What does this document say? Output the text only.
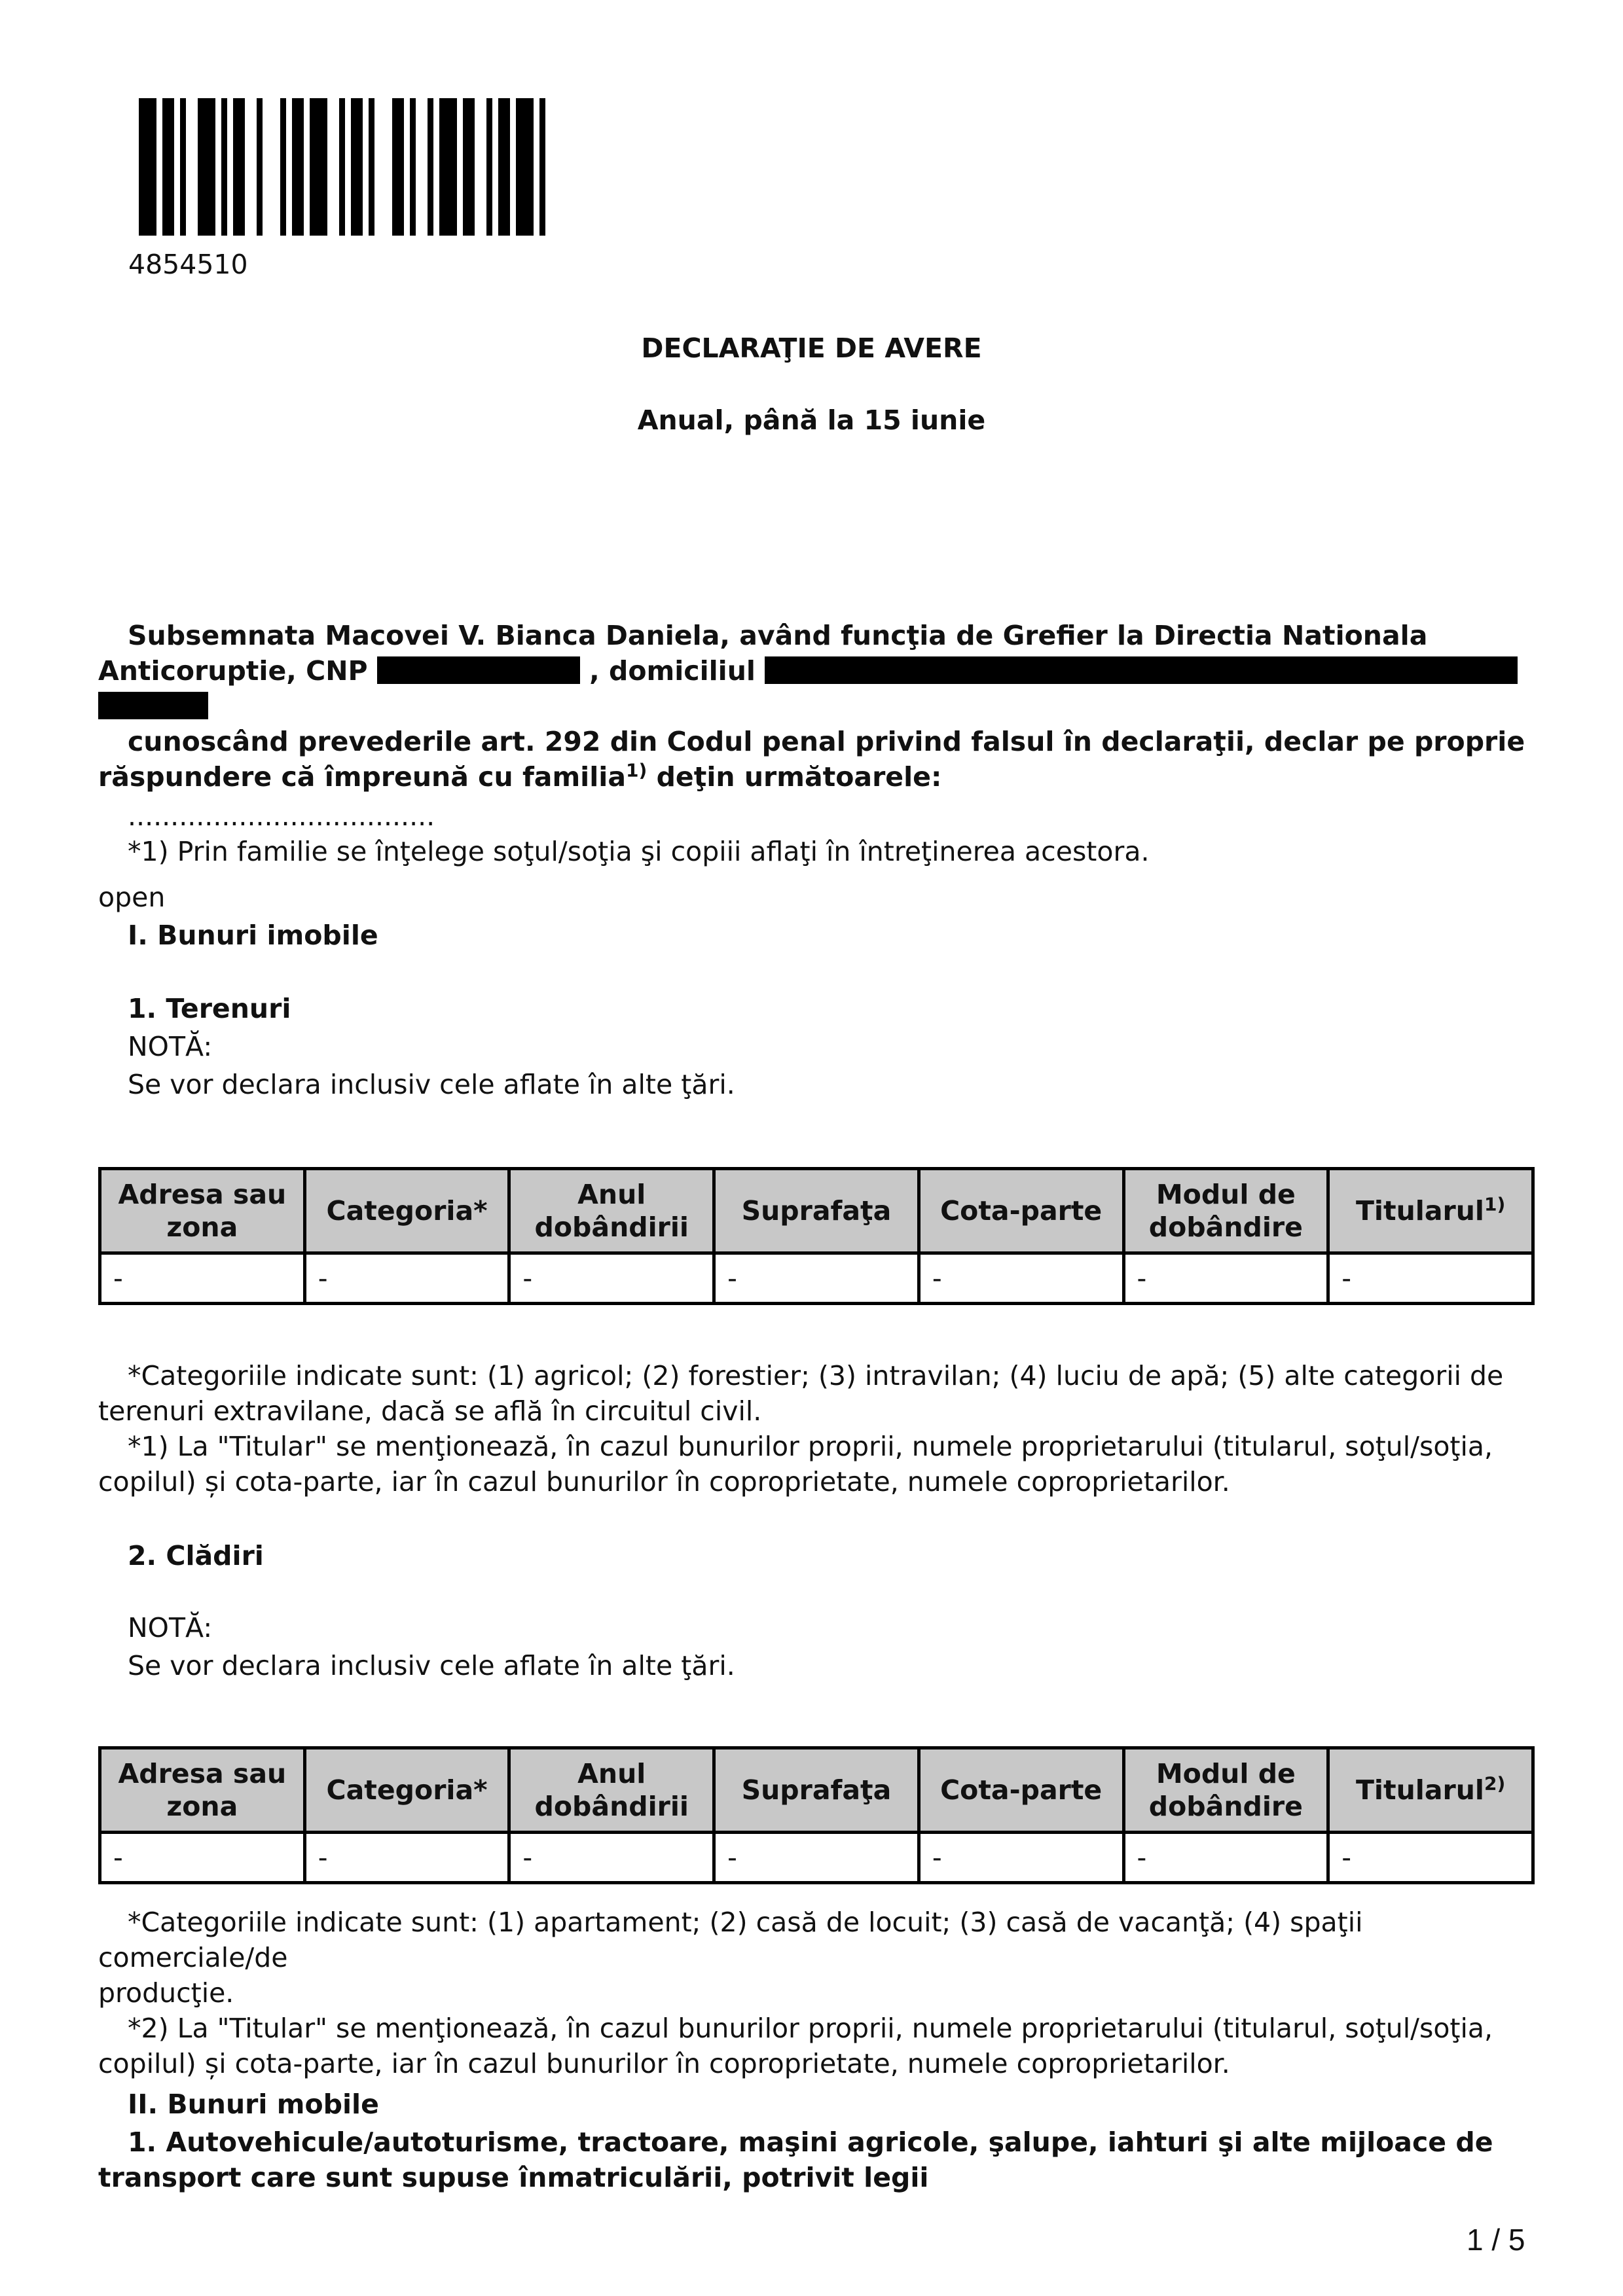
4854510
DECLARAŢIE DE AVERE
Anual, până la 15 iunie
Subsemnata Macovei V. Bianca Daniela, având funcţia de Grefier la Directia Nationala
Anticoruptie, CNP	, domiciliul
cunoscând prevederile art. 292 din Codul penal privind falsul în declaraţii, declar pe proprie
răspundere că împreună cu familia$^{1)}$ deţin următoarele:
....................................
*1) Prin familie se înţelege soţul/soţia şi copiii aflaţi în întreţinerea acestora.
open
I. Bunuri imobile
1. Terenuri
NOTĂ:
Se vor declara inclusiv cele aflate în alte ţări.
Adresa sau zona	Categoria*	Anul dobândirii	Suprafaţa	Cota-parte	Modul de dobândire	Titularul$^{1)}$
-	-	-	-	-	-	-
*Categoriile indicate sunt: (1) agricol; (2) forestier; (3) intravilan; (4) luciu de apă; (5) alte categorii de
terenuri extravilane, dacă se află în circuitul civil.
*1) La "Titular" se menţionează, în cazul bunurilor proprii, numele proprietarului (titularul, soţul/soţia,
copilul) și cota-parte, iar în cazul bunurilor în coproprietate, numele coproprietarilor.
2. Clădiri
NOTĂ:
Se vor declara inclusiv cele aflate în alte ţări.
Adresa sau zona	Categoria*	Anul dobândirii	Suprafaţa	Cota-parte	Modul de dobândire	Titularul$^{2)}$
-	-	-	-	-	-	-
*Categoriile indicate sunt: (1) apartament; (2) casă de locuit; (3) casă de vacanţă; (4) spaţii comerciale/de
producţie.
*2) La "Titular" se menţionează, în cazul bunurilor proprii, numele proprietarului (titularul, soţul/soţia,
copilul) și cota-parte, iar în cazul bunurilor în coproprietate, numele coproprietarilor.
II. Bunuri mobile
1. Autovehicule/autoturisme, tractoare, maşini agricole, şalupe, iahturi şi alte mijloace de
transport care sunt supuse înmatriculării, potrivit legii
1 / 5
